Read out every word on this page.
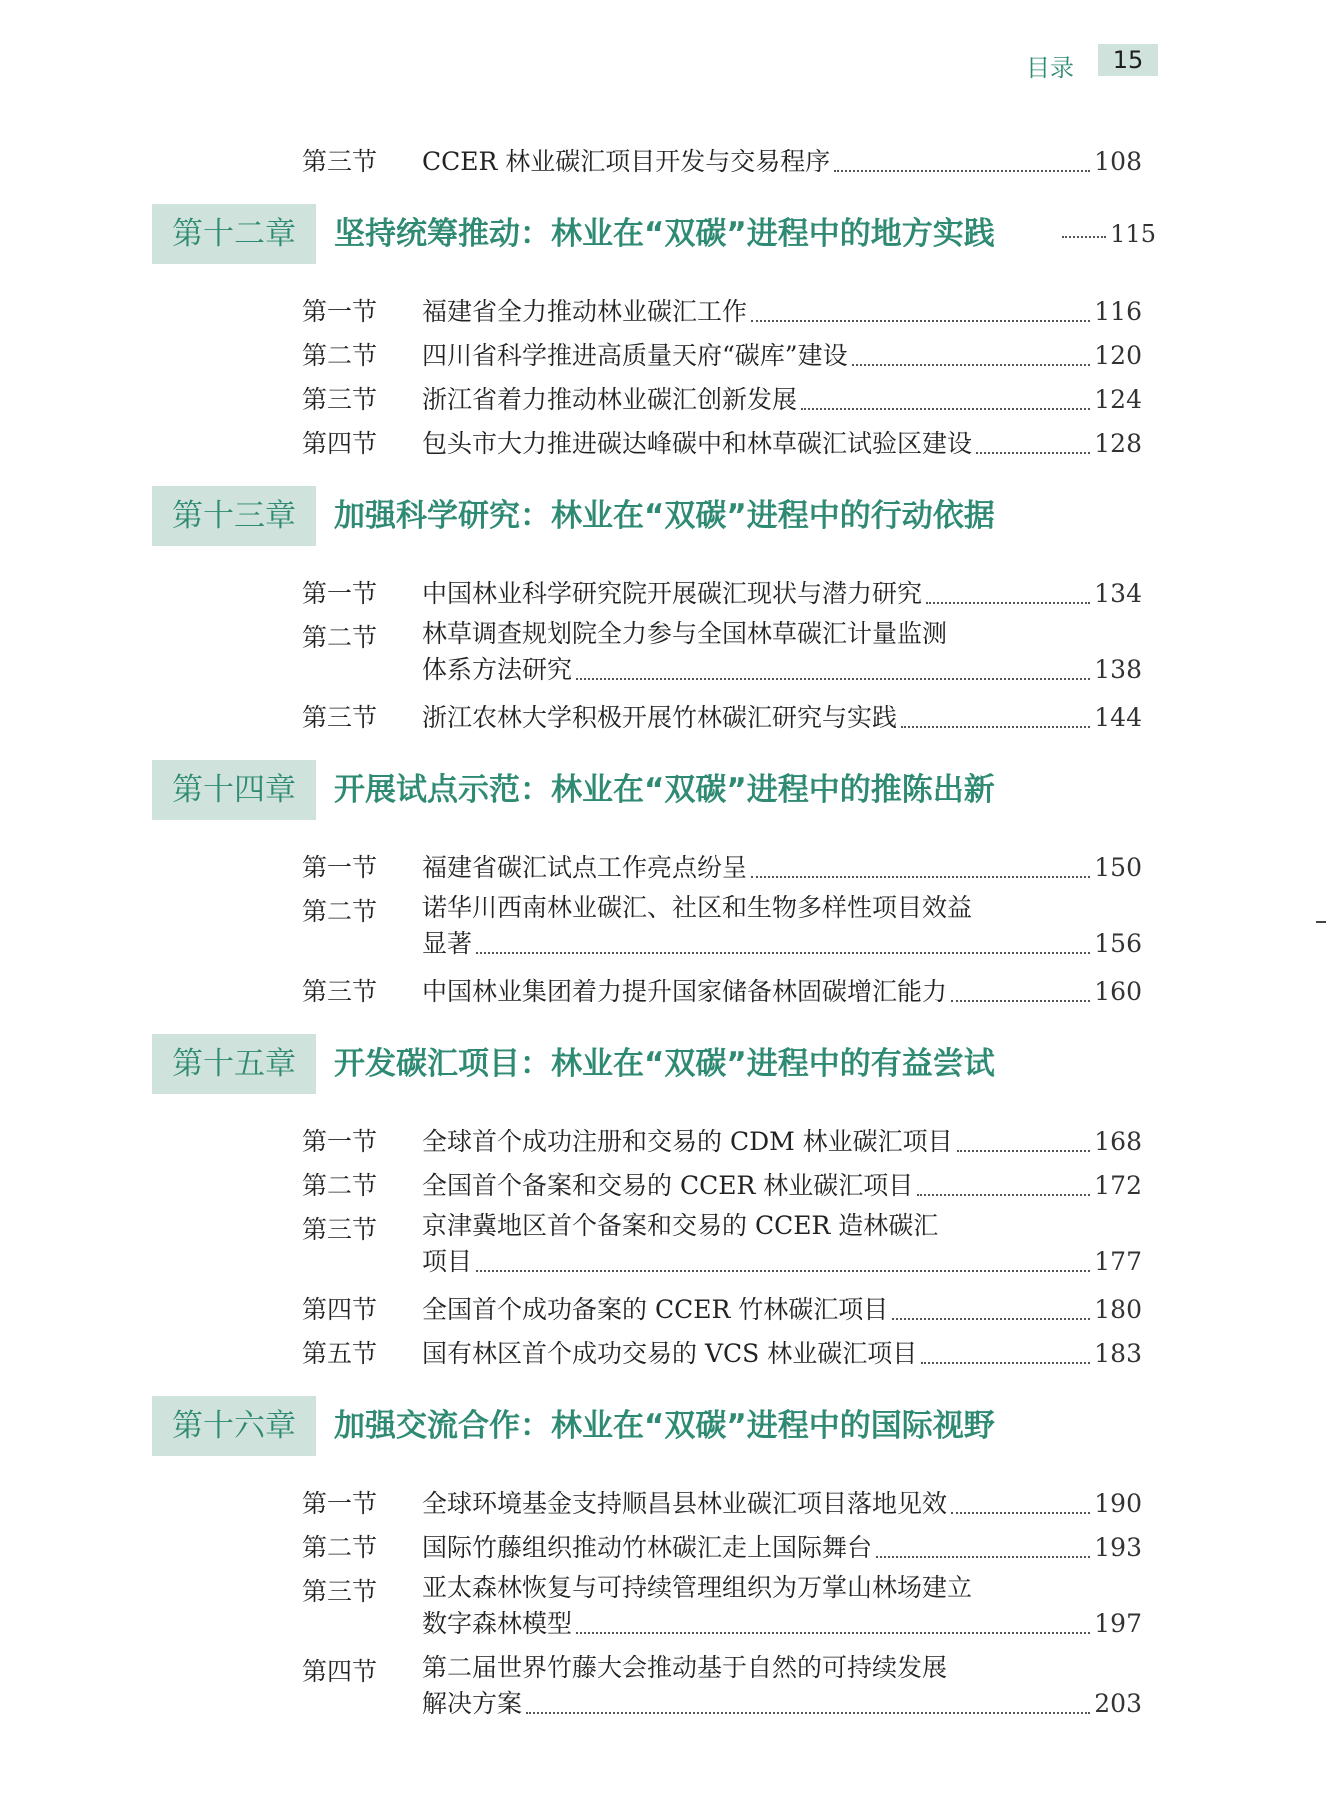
目录	15
第三节	CCER 林业碳汇项目开发与交易程序	108
第十二章	坚持统筹推动：林业在“双碳”进程中的地方实践	115
第一节	福建省全力推动林业碳汇工作	116
第二节	四川省科学推进高质量天府“碳库”建设	120
第三节	浙江省着力推动林业碳汇创新发展	124
第四节	包头市大力推进碳达峰碳中和林草碳汇试验区建设	128
第十三章	加强科学研究：林业在“双碳”进程中的行动依据
第一节	中国林业科学研究院开展碳汇现状与潜力研究	134
第二节	林草调查规划院全力参与全国林草碳汇计量监测
体系方法研究	138
第三节	浙江农林大学积极开展竹林碳汇研究与实践	144
第十四章	开展试点示范：林业在“双碳”进程中的推陈出新
第一节	福建省碳汇试点工作亮点纷呈	150
第二节	诺华川西南林业碳汇、社区和生物多样性项目效益
显著	156
第三节	中国林业集团着力提升国家储备林固碳增汇能力	160
第十五章	开发碳汇项目：林业在“双碳”进程中的有益尝试
第一节	全球首个成功注册和交易的 CDM 林业碳汇项目	168
第二节	全国首个备案和交易的 CCER 林业碳汇项目	172
第三节	京津冀地区首个备案和交易的 CCER 造林碳汇
项目	177
第四节	全国首个成功备案的 CCER 竹林碳汇项目	180
第五节	国有林区首个成功交易的 VCS 林业碳汇项目	183
第十六章	加强交流合作：林业在“双碳”进程中的国际视野
第一节	全球环境基金支持顺昌县林业碳汇项目落地见效	190
第二节	国际竹藤组织推动竹林碳汇走上国际舞台	193
第三节	亚太森林恢复与可持续管理组织为万掌山林场建立
数字森林模型	197
第四节	第二届世界竹藤大会推动基于自然的可持续发展
解决方案	203
